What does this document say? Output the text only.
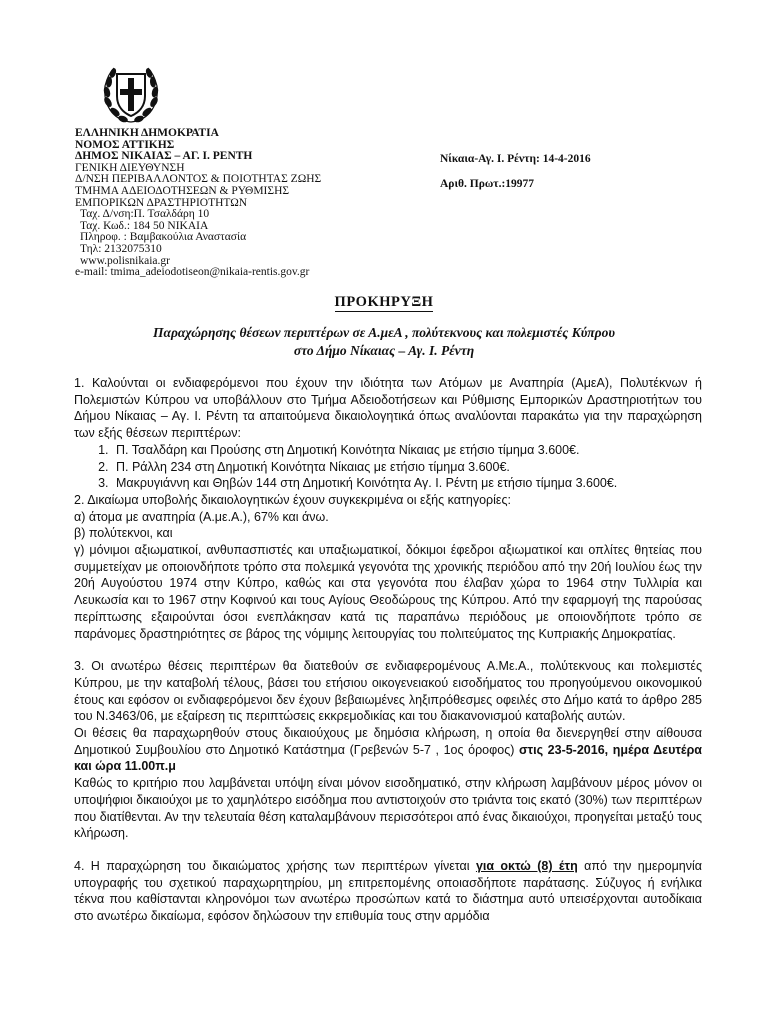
ΕΛΛΗΝΙΚΗ ΔΗΜΟΚΡΑΤΙΑ
ΝΟΜΟΣ ΑΤΤΙΚΗΣ
ΔΗΜΟΣ ΝΙΚΑΙΑΣ – ΑΓ. Ι. ΡΕΝΤΗ
ΓΕΝΙΚΗ ΔΙΕΥΘΥΝΣΗ
Δ/ΝΣΗ ΠΕΡΙΒΑΛΛΟΝΤΟΣ & ΠΟΙΟΤΗΤΑΣ ΖΩΗΣ
ΤΜΗΜΑ ΑΔΕΙΟΔΟΤΗΣΕΩΝ & ΡΥΘΜΙΣΗΣ
ΕΜΠΟΡΙΚΩΝ ΔΡΑΣΤΗΡΙΟΤΗΤΩΝ
Ταχ. Δ/νση:Π. Τσαλδάρη 10
Ταχ. Κωδ.: 184 50 ΝΙΚΑΙΑ
Πληροφ. : Βαμβακούλια Αναστασία
Τηλ: 2132075310
www.polisnikaia.gr
e-mail: tmima_adeiodotiseon@nikaia-rentis.gov.gr
Νίκαια-Αγ. Ι. Ρέντη: 14-4-2016
Αριθ. Πρωτ.:19977
ΠΡΟΚΗΡΥΞΗ
Παραχώρησης θέσεων περιπτέρων σε Α.μεΑ , πολύτεκνους και πολεμιστές Κύπρου
στο Δήμο Νίκαιας – Αγ. Ι. Ρέντη

1. Καλούνται οι ενδιαφερόμενοι που έχουν την ιδιότητα των Ατόμων με Αναπηρία (ΑμεΑ), Πολυτέκνων ή Πολεμιστών Κύπρου να υποβάλλουν στο Τμήμα Αδειοδοτήσεων και Ρύθμισης Εμπορικών Δραστηριοτήτων του Δήμου Νίκαιας – Αγ. Ι. Ρέντη τα απαιτούμενα δικαιολογητικά όπως αναλύονται παρακάτω για την παραχώρηση των εξής θέσεων περιπτέρων:

1. Π. Τσαλδάρη και Προύσης στη Δημοτική Κοινότητα Νίκαιας με ετήσιο τίμημα 3.600€.
2. Π. Ράλλη 234 στη Δημοτική Κοινότητα Νίκαιας με ετήσιο τίμημα 3.600€.
3. Μακρυγιάννη και Θηβών 144 στη Δημοτική Κοινότητα Αγ. Ι. Ρέντη με ετήσιο τίμημα 3.600€.

2. Δικαίωμα υποβολής δικαιολογητικών έχουν συγκεκριμένα οι εξής κατηγορίες:

α) άτομα με αναπηρία (Α.με.Α.), 67% και άνω.

β) πολύτεκνοι, και

γ) μόνιμοι αξιωματικοί, ανθυπασπιστές και υπαξιωματικοί, δόκιμοι έφεδροι αξιωματικοί και οπλίτες θητείας που συμμετείχαν με οποιονδήποτε τρόπο στα πολεμικά γεγονότα της χρονικής περιόδου από την 20ή Ιουλίου έως την 20ή Αυγούστου 1974 στην Κύπρο, καθώς και στα γεγονότα που έλαβαν χώρα το 1964 στην Τυλλιρία και Λευκωσία και το 1967 στην Κοφινού και τους Αγίους Θεοδώρους της Κύπρου. Από την εφαρμογή της παρούσας περίπτωσης εξαιρούνται όσοι ενεπλάκησαν κατά τις παραπάνω περιόδους με οποιονδήποτε τρόπο σε παράνομες δραστηριότητες σε βάρος της νόμιμης λειτουργίας του πολιτεύματος της Κυπριακής Δημοκρατίας.

3. Οι ανωτέρω θέσεις περιπτέρων θα διατεθούν σε ενδιαφερομένους Α.Με.Α., πολύτεκνους και πολεμιστές Κύπρου, με την καταβολή τέλους, βάσει του ετήσιου οικογενειακού εισοδήματος του προηγούμενου οικονομικού έτους και εφόσον οι ενδιαφερόμενοι δεν έχουν βεβαιωμένες ληξιπρόθεσμες οφειλές στο Δήμο κατά το άρθρο 285 του Ν.3463/06, με εξαίρεση τις περιπτώσεις εκκρεμοδικίας και του διακανονισμού καταβολής αυτών.

Οι θέσεις θα παραχωρηθούν στους δικαιούχους με δημόσια κλήρωση, η οποία θα διενεργηθεί στην αίθουσα Δημοτικού Συμβουλίου στο Δημοτικό Κατάστημα (Γρεβενών 5-7 , 1ος όροφος) στις 23-5-2016, ημέρα Δευτέρα και ώρα 11.00π.μ

Καθώς το κριτήριο που λαμβάνεται υπόψη είναι μόνον εισοδηματικό, στην κλήρωση λαμβάνουν μέρος μόνον οι υποψήφιοι δικαιούχοι με το χαμηλότερο εισόδημα που αντιστοιχούν στο τριάντα τοις εκατό (30%) των περιπτέρων που διατίθενται. Αν την τελευταία θέση καταλαμβάνουν περισσότεροι από ένας δικαιούχοι, προηγείται μεταξύ τους κλήρωση.

4. Η παραχώρηση του δικαιώματος χρήσης των περιπτέρων γίνεται για οκτώ (8) έτη από την ημερομηνία υπογραφής του σχετικού παραχωρητηρίου, μη επιτρεπομένης οποιασδήποτε παράτασης. Σύζυγος ή ενήλικα τέκνα που καθίστανται κληρονόμοι των ανωτέρω προσώπων κατά το διάστημα αυτό υπεισέρχονται αυτοδίκαια στο ανωτέρω δικαίωμα, εφόσον δηλώσουν την επιθυμία τους στην αρμόδια
